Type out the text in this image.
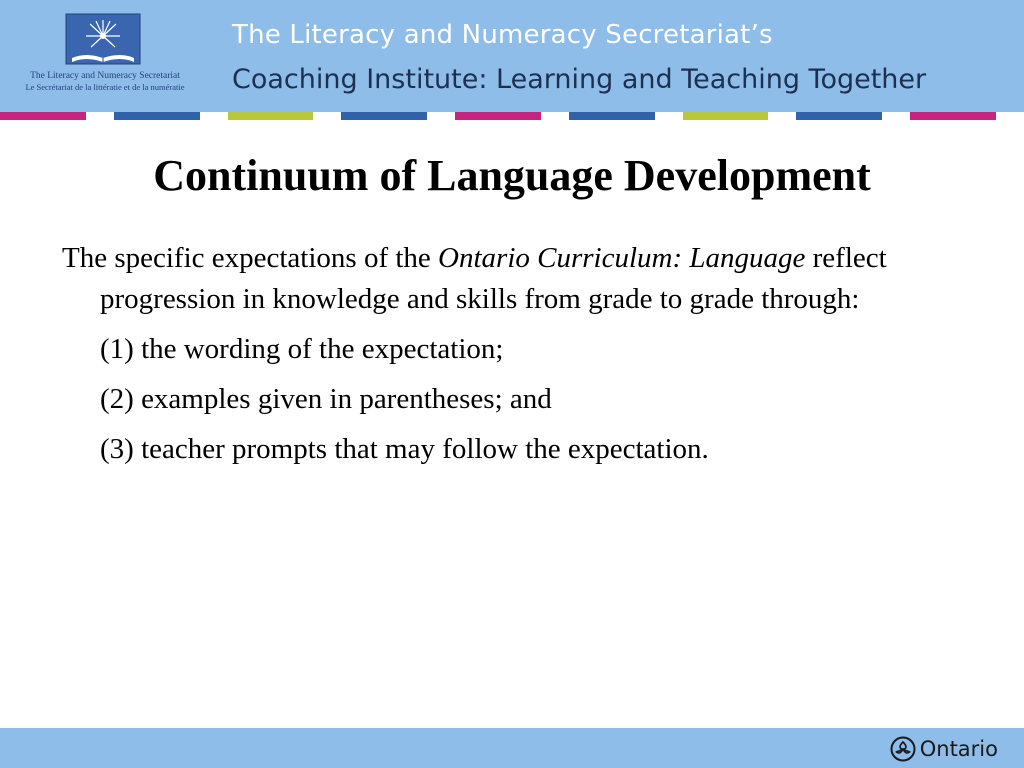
The Literacy and Numeracy Secretariat
Le Secrétariat de la littératie et de la numératie
The Literacy and Numeracy Secretariat’s
Coaching Institute: Learning and Teaching Together
Continuum of Language Development

The specific expectations of the Ontario Curriculum: Language reflect progression in knowledge and skills from grade to grade through:

(1) the wording of the expectation;
(2) examples given in parentheses; and
(3) teacher prompts that may follow the expectation.
Ontario
